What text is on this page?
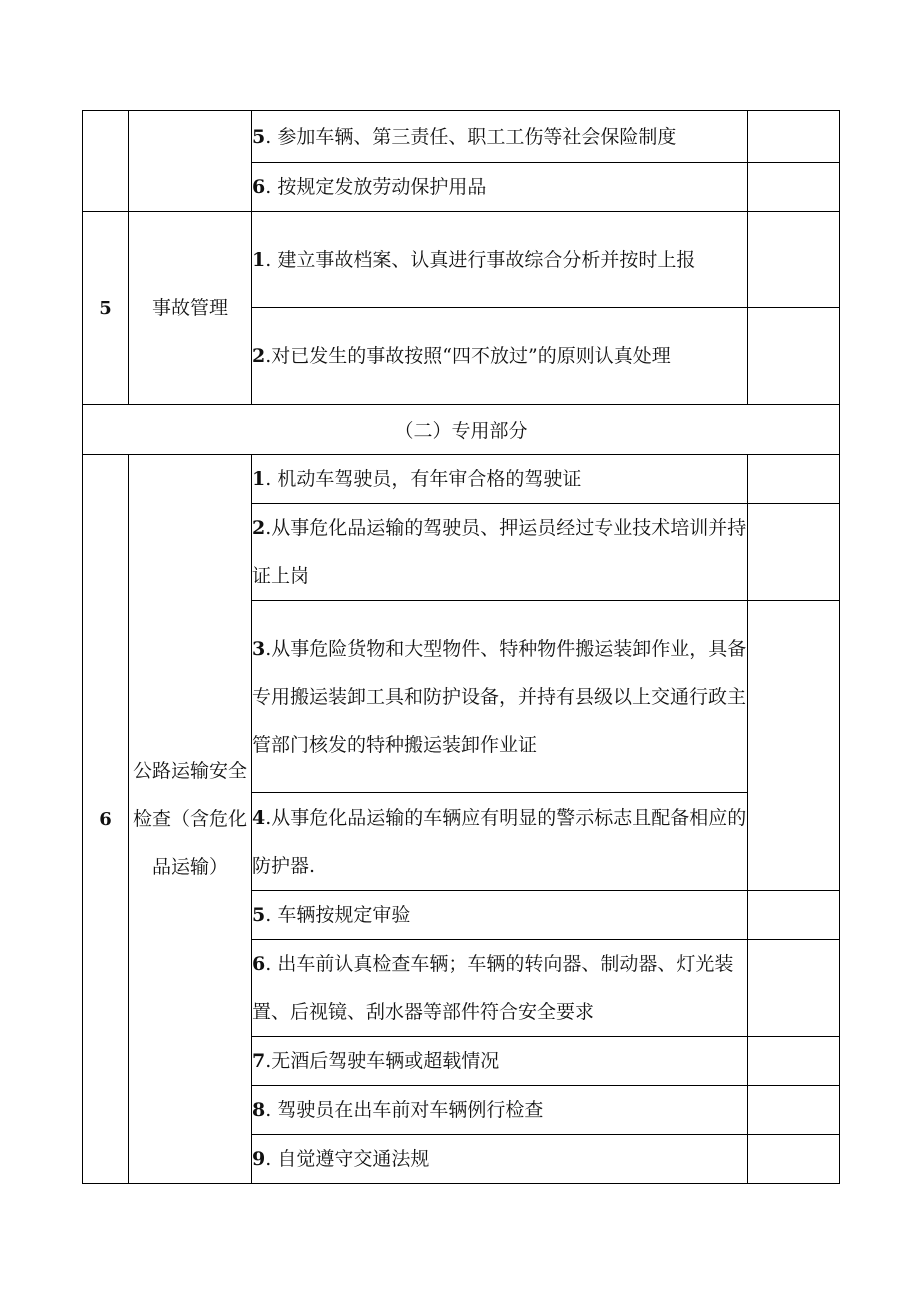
		5. 参加车辆、第三责任、职工工伤等社会保险制度	
		6. 按规定发放劳动保护用品	
5	事故管理	1. 建立事故档案、认真进行事故综合分析并按时上报	
		2.对已发生的事故按照“四不放过”的原则认真处理	
（二）专用部分			
6	公路运输安全检查（含危化品运输）	1. 机动车驾驶员，有年审合格的驾驶证	
		2.从事危化品运输的驾驶员、押运员经过专业技术培训并持证上岗	
		3.从事危险货物和大型物件、特种物件搬运装卸作业，具备专用搬运装卸工具和防护设备，并持有县级以上交通行政主管部门核发的特种搬运装卸作业证	
		4.从事危化品运输的车辆应有明显的警示标志且配备相应的防护器.	
		5. 车辆按规定审验	
		6. 出车前认真检查车辆；车辆的转向器、制动器、灯光装置、后视镜、刮水器等部件符合安全要求	
		7.无酒后驾驶车辆或超载情况	
		8. 驾驶员在出车前对车辆例行检查	
		9. 自觉遵守交通法规	
